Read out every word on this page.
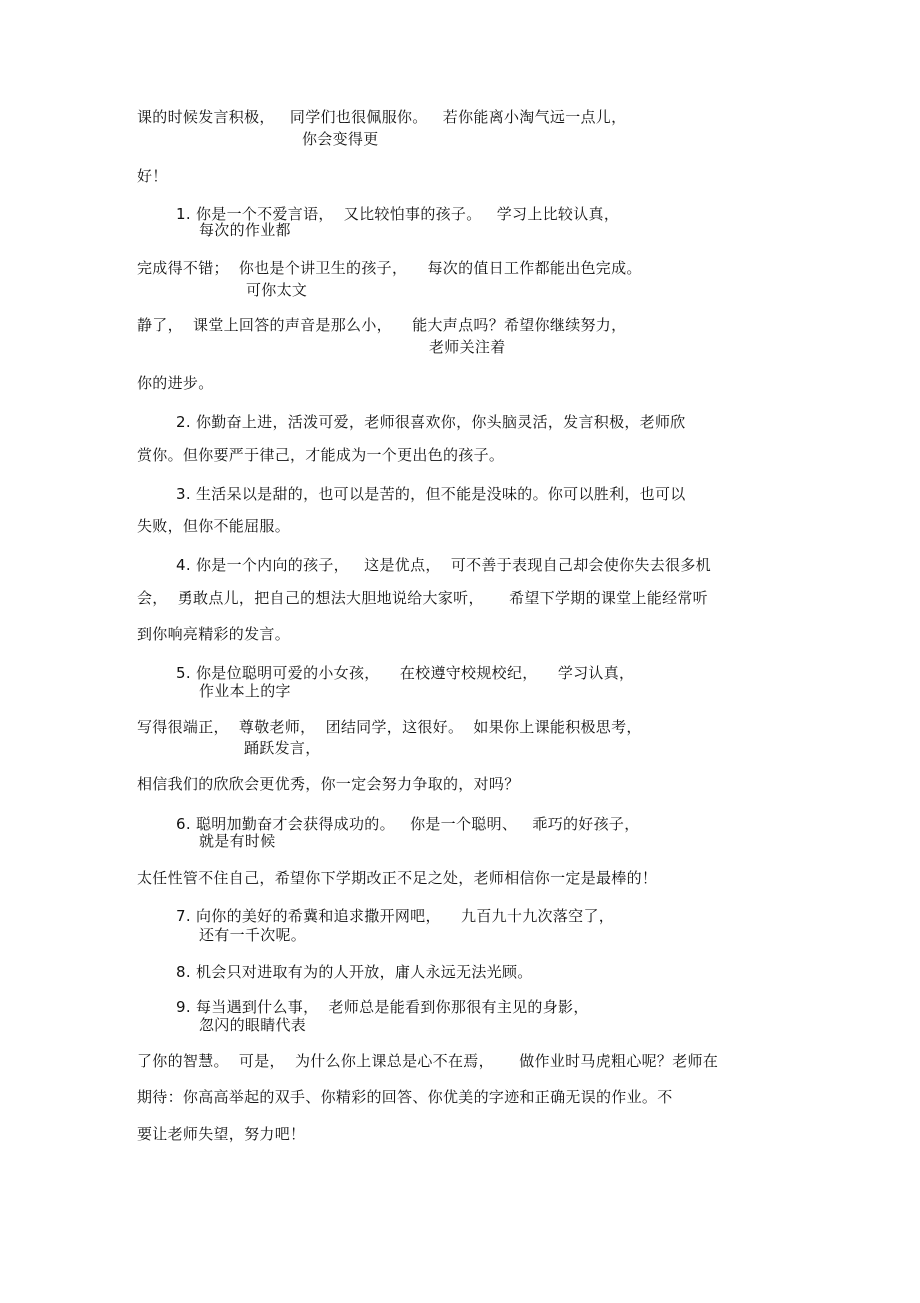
课的时候发言积极，   同学们也很佩服你。   若你能离小淘气远一点儿，
你会变得更
好！
1. 你是一个不爱言语，  又比较怕事的孩子。   学习上比较认真，
每次的作业都
完成得不错；  你也是个讲卫生的孩子，    每次的值日工作都能出色完成。
可你太文
静了，  课堂上回答的声音是那么小，    能大声点吗？希望你继续努力，
老师关注着
你的进步。
2. 你勤奋上进，活泼可爱，老师很喜欢你，你头脑灵活，发言积极，老师欣
赏你。但你要严于律己，才能成为一个更出色的孩子。
3. 生活呆以是甜的，也可以是苦的，但不能是没味的。你可以胜利，也可以
失败，但你不能屈服。
4. 你是一个内向的孩子，   这是优点，  可不善于表现自己却会使你失去很多机
会，  勇敢点儿，把自己的想法大胆地说给大家听，     希望下学期的课堂上能经常听
到你响亮精彩的发言。
5. 你是位聪明可爱的小女孩，    在校遵守校规校纪，    学习认真，
作业本上的字
写得很端正，  尊敬老师，  团结同学，这很好。  如果你上课能积极思考，
踊跃发言，
相信我们的欣欣会更优秀，你一定会努力争取的，对吗？
6. 聪明加勤奋才会获得成功的。   你是一个聪明、   乖巧的好孩子，
就是有时候
太任性管不住自己，希望你下学期改正不足之处，老师相信你一定是最棒的！
7. 向你的美好的希冀和追求撒开网吧，    九百九十九次落空了，
还有一千次呢。
8. 机会只对进取有为的人开放，庸人永远无法光顾。
9. 每当遇到什么事，  老师总是能看到你那很有主见的身影，
忽闪的眼睛代表
了你的智慧。  可是，  为什么你上课总是心不在焉，     做作业时马虎粗心呢？老师在
期待：你高高举起的双手、你精彩的回答、你优美的字迹和正确无误的作业。不
要让老师失望，努力吧！
